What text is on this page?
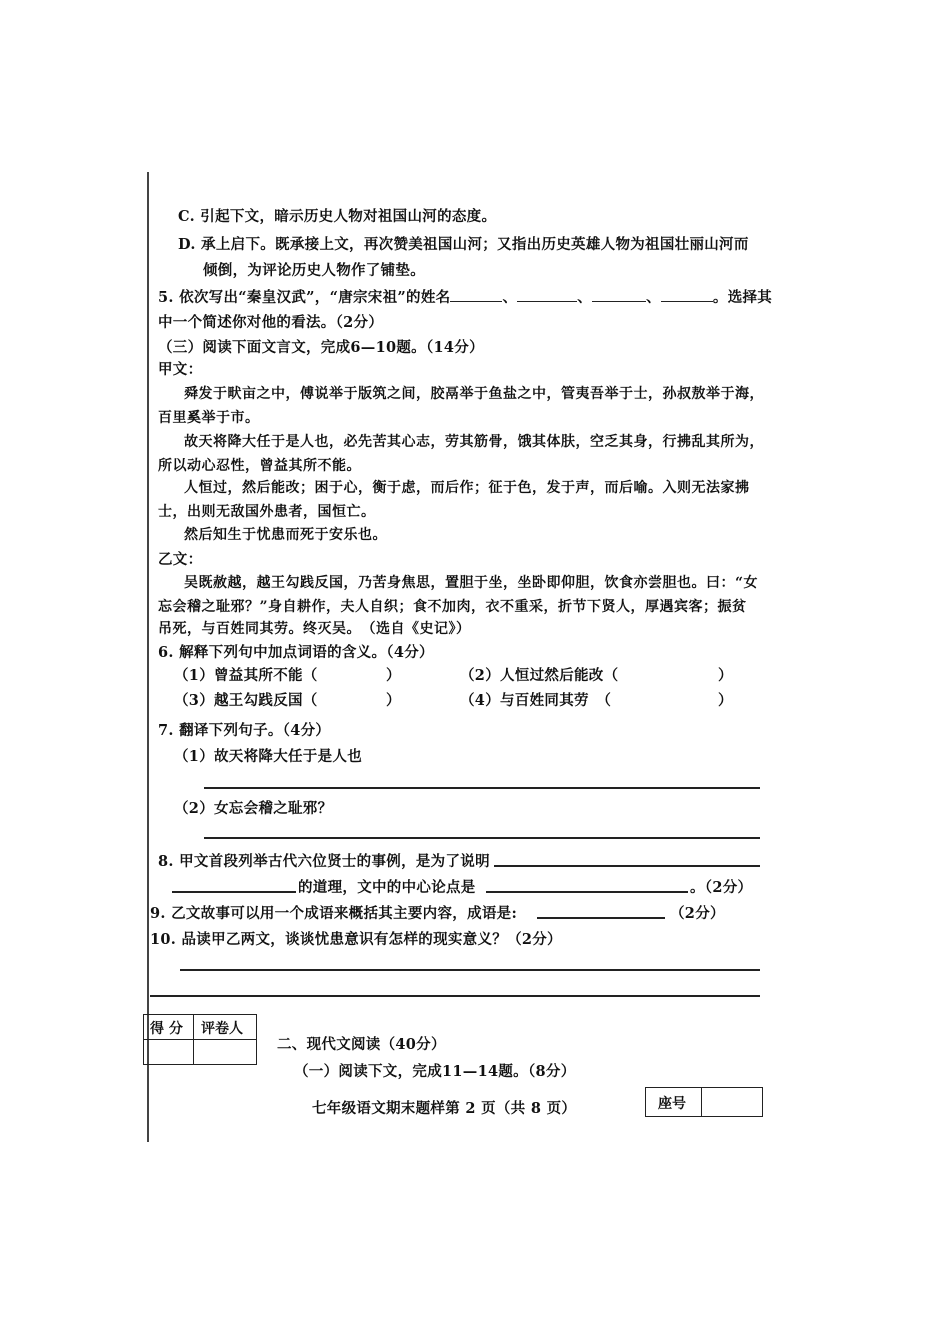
C. 引起下文，暗示历史人物对祖国山河的态度。
D. 承上启下。既承接上文，再次赞美祖国山河；又指出历史英雄人物为祖国壮丽山河而
倾倒，为评论历史人物作了铺垫。
5. 依次写出“秦皇汉武”，“唐宗宋祖”的姓名	、	、	、	。选择其
中一个简述你对他的看法。（2分）
（三）阅读下面文言文，完成6—10题。（14分）
甲文：
舜发于畎亩之中，傅说举于版筑之间，胶鬲举于鱼盐之中，管夷吾举于士，孙叔敖举于海，
百里奚举于市。
故天将降大任于是人也，必先苦其心志，劳其筋骨，饿其体肤，空乏其身，行拂乱其所为，
所以动心忍性，曾益其所不能。
人恒过，然后能改；困于心，衡于虑，而后作；征于色，发于声，而后喻。入则无法家拂
士，出则无敌国外患者，国恒亡。
然后知生于忧患而死于安乐也。
乙文：
吴既赦越，越王勾践反国，乃苦身焦思，置胆于坐，坐卧即仰胆，饮食亦尝胆也。曰：“女
忘会稽之耻邪？”身自耕作，夫人自织；食不加肉，衣不重采，折节下贤人，厚遇宾客；振贫
吊死，与百姓同其劳。终灭吴。　（选自《史记》）
6. 解释下列句中加点词语的含义。（4分）
（1）曾益其所不能（	）	（2）人恒过然后能改（	）
（3）越王勾践反国（	）	（4）与百姓同其劳　（	）
7. 翻译下列句子。（4分）
（1）故天将降大任于是人也
（2）女忘会稽之耻邪？
8. 甲文首段列举古代六位贤士的事例，是为了说明
的道理，文中的中心论点是	。（2分）
9. 乙文故事可以用一个成语来概括其主要内容，成语是:	（2分）
10. 品读甲乙两文，谈谈忧患意识有怎样的现实意义？（2分）
得 分 评卷人
二、现代文阅读（40分）
（一）阅读下文，完成11—14题。（8分）
七年级语文期末题样第 2 页（共 8 页）	座号
